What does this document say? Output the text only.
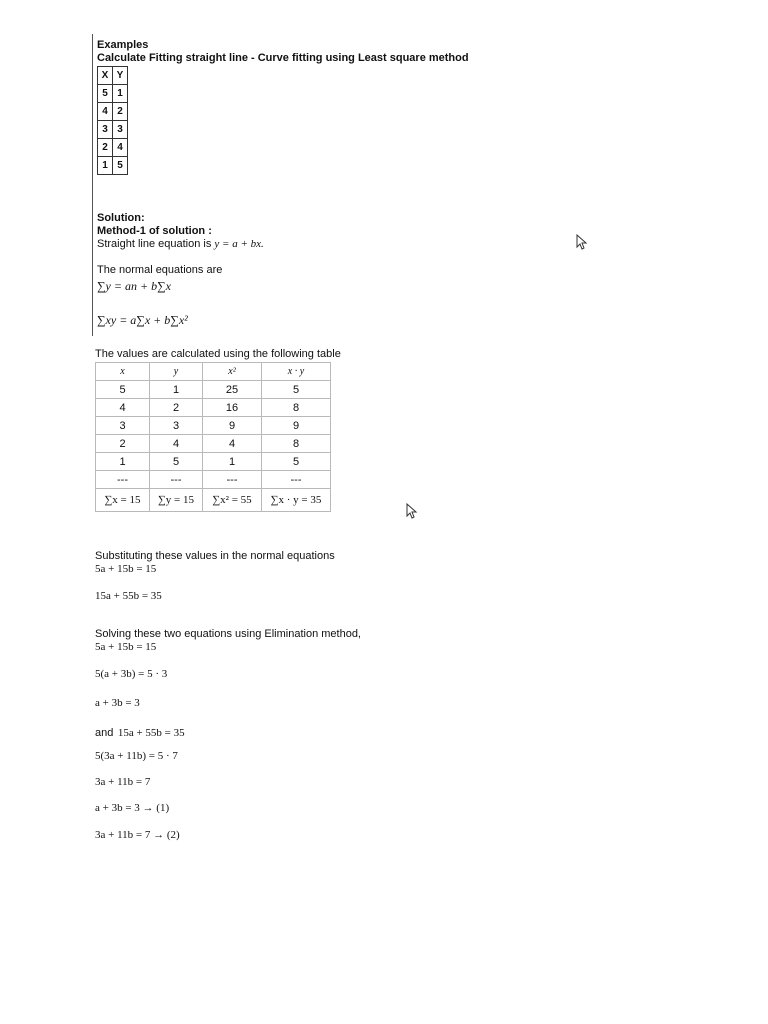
Examples
Calculate Fitting straight line - Curve fitting using Least square method
X	Y
5	1
4	2
3	3
2	4
1	5
Solution:
Method-1 of solution :
Straight line equation is y = a + bx.
The normal equations are
∑y = an + b∑x
∑xy = a∑x + b∑x²
The values are calculated using the following table
x	y	x²	x · y
5	1	25	5
4	2	16	8
3	3	9	9
2	4	4	8
1	5	1	5
---	---	---	---
∑x = 15	∑y = 15	∑x² = 55	∑x · y = 35
Substituting these values in the normal equations
5a + 15b = 15
15a + 55b = 35
Solving these two equations using Elimination method,
5a + 15b = 15
5(a + 3b) = 5 · 3
a + 3b = 3
and 15a + 55b = 35
5(3a + 11b) = 5 · 7
3a + 11b = 7
a + 3b = 3 → (1)
3a + 11b = 7 → (2)
